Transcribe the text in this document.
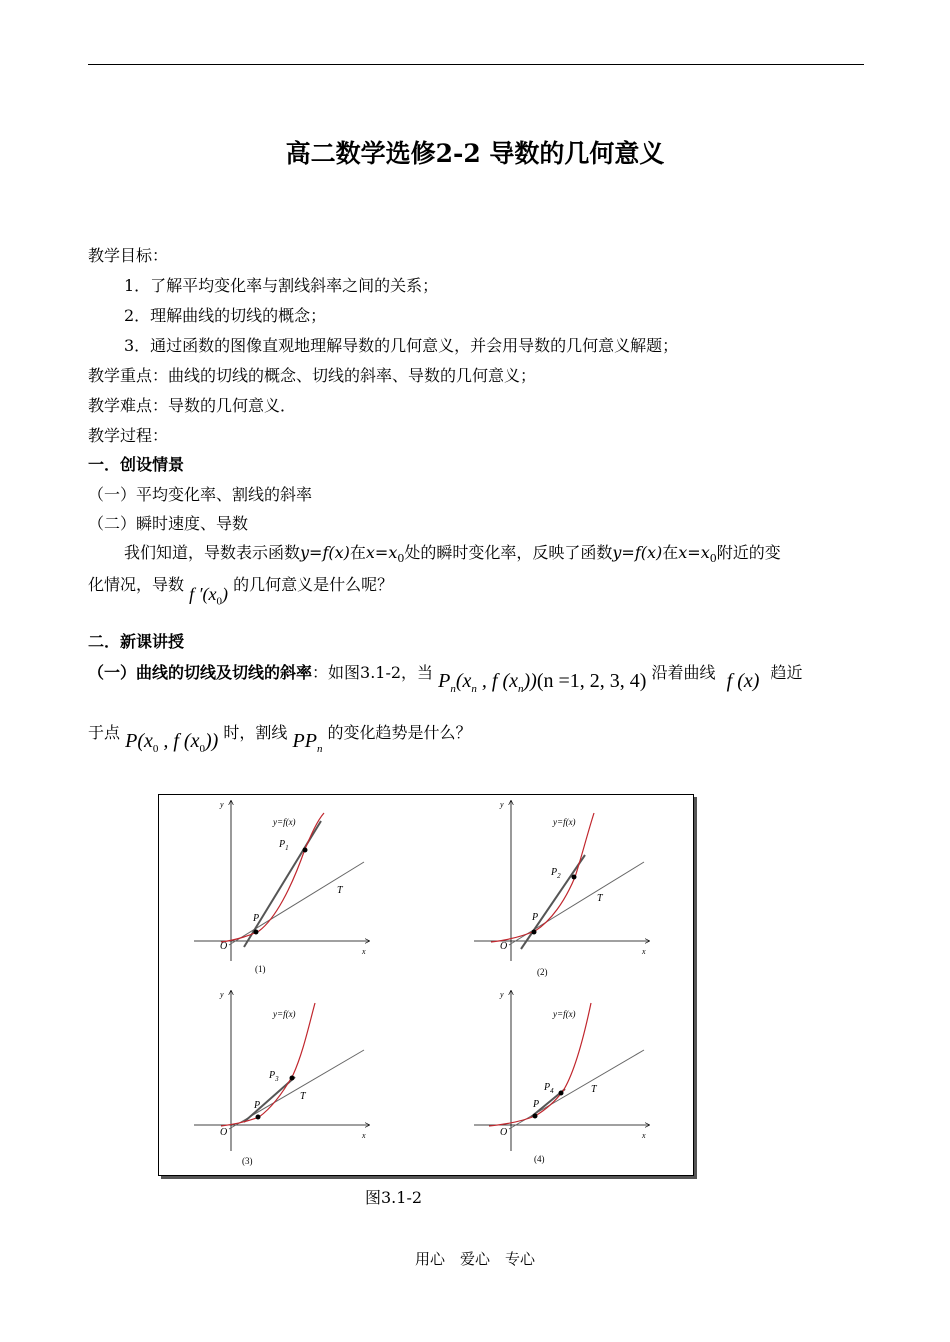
高二数学选修2-2 导数的几何意义
教学目标：
1．了解平均变化率与割线斜率之间的关系；
2．理解曲线的切线的概念；
3．通过函数的图像直观地理解导数的几何意义，并会用导数的几何意义解题；
教学重点：曲线的切线的概念、切线的斜率、导数的几何意义；
教学难点：导数的几何意义．
教学过程：
一．创设情景
（一）平均变化率、割线的斜率
（二）瞬时速度、导数
我们知道，导数表示函数y=f(x)在$x=x_0$处的瞬时变化率，反映了函数y=f(x)在$x=x_0$附近的变
化情况，导数 f $'(x_0)$ 的几何意义是什么呢？
二．新课讲授
（一）曲线的切线及切线的斜率：如图3.1-2，当 $P_n(x_n$ , f $(x_n))(n =1$, 2, 3, 4) 沿着曲线 f (x) 趋近
于点 $P(x_0$ , f $(x_0)$) 时，割线 $PP_n$ 的变化趋势是什么？
y=f(x)
$P_1$
P
T
O	x
y
(1)
y=f(x)
$P_2$
P
T
O	x
y
(2)
y=f(x)
$P_3$
P
T
O	x
y
(3)
y=f(x)
$P_4$
P
T
O	x
y
(4)
图3.1-2
用心　爱心　专心
